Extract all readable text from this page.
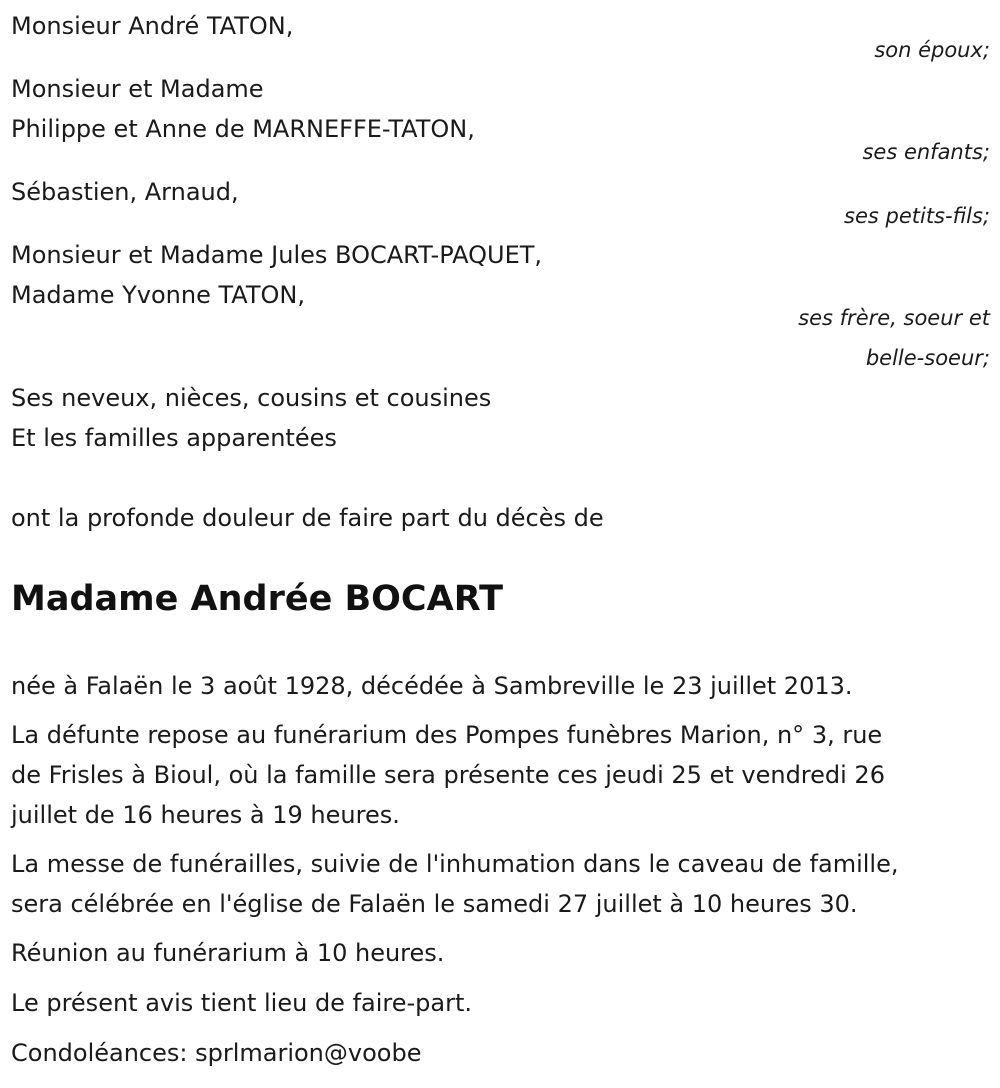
Monsieur André TATON,
son époux;
Monsieur et Madame
Philippe et Anne de MARNEFFE-TATON,
ses enfants;
Sébastien, Arnaud,
ses petits-fils;
Monsieur et Madame Jules BOCART-PAQUET,
Madame Yvonne TATON,
ses frère, soeur et
belle-soeur;
Ses neveux, nièces, cousins et cousines
Et les familles apparentées
ont la profonde douleur de faire part du décès de
Madame Andrée BOCART
née à Falaën le 3 août 1928, décédée à Sambreville le 23 juillet 2013.
La défunte repose au funérarium des Pompes funèbres Marion, n° 3, rue
de Frisles à Bioul, où la famille sera présente ces jeudi 25 et vendredi 26
juillet de 16 heures à 19 heures.
La messe de funérailles, suivie de l'inhumation dans le caveau de famille,
sera célébrée en l'église de Falaën le samedi 27 juillet à 10 heures 30.
Réunion au funérarium à 10 heures.
Le présent avis tient lieu de faire-part.
Condoléances: sprlmarion@voobe
